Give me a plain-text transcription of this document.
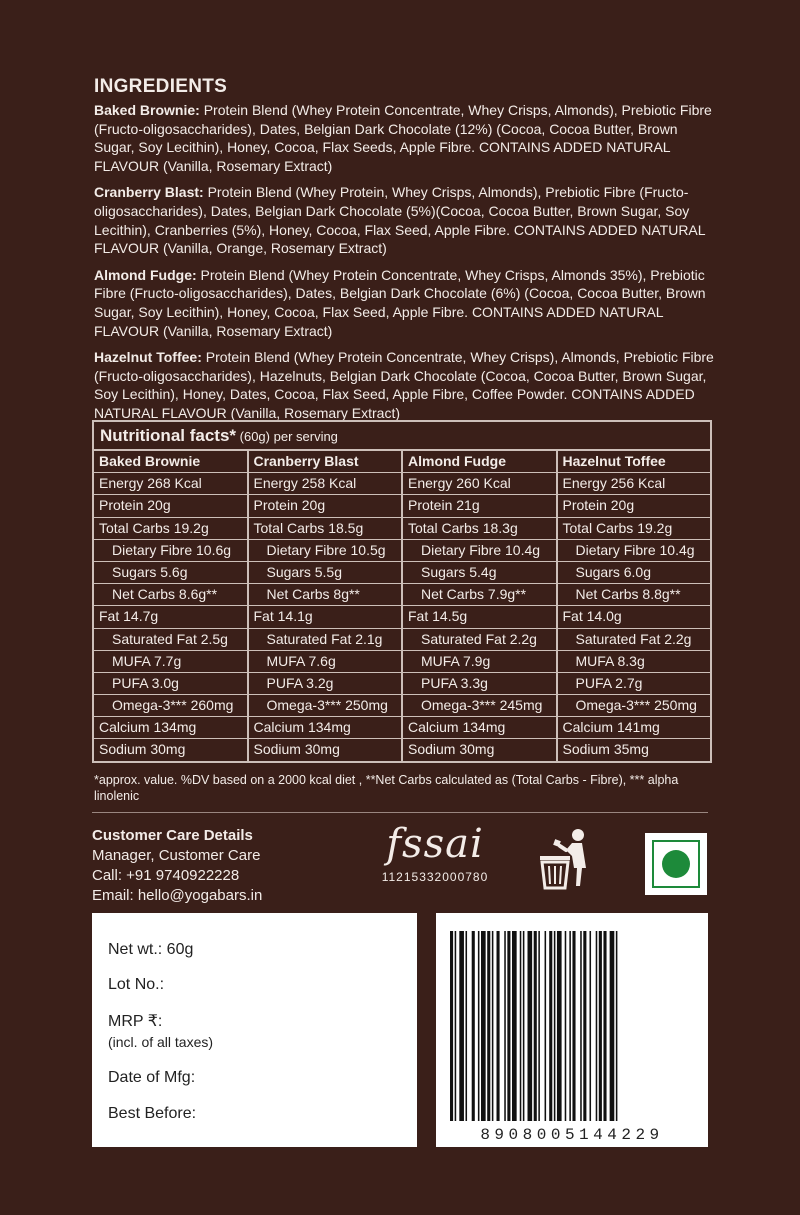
INGREDIENTS
Baked Brownie: Protein Blend (Whey Protein Concentrate, Whey Crisps, Almonds), Prebiotic Fibre (Fructo-oligosaccharides), Dates, Belgian Dark Chocolate (12%) (Cocoa, Cocoa Butter, Brown Sugar, Soy Lecithin), Honey, Cocoa, Flax Seeds, Apple Fibre. CONTAINS ADDED NATURAL FLAVOUR (Vanilla, Rosemary Extract)
Cranberry Blast: Protein Blend (Whey Protein, Whey Crisps, Almonds), Prebiotic Fibre (Fructo-oligosaccharides), Dates, Belgian Dark Chocolate (5%)(Cocoa, Cocoa Butter, Brown Sugar, Soy Lecithin), Cranberries (5%), Honey, Cocoa, Flax Seed, Apple Fibre. CONTAINS ADDED NATURAL FLAVOUR (Vanilla, Orange, Rosemary Extract)
Almond Fudge: Protein Blend (Whey Protein Concentrate, Whey Crisps, Almonds 35%), Prebiotic Fibre (Fructo-oligosaccharides), Dates, Belgian Dark Chocolate (6%) (Cocoa, Cocoa Butter, Brown Sugar, Soy Lecithin), Honey, Cocoa, Flax Seed, Apple Fibre. CONTAINS ADDED NATURAL FLAVOUR (Vanilla, Rosemary Extract)
Hazelnut Toffee: Protein Blend (Whey Protein Concentrate, Whey Crisps), Almonds, Prebiotic Fibre (Fructo-oligosaccharides), Hazelnuts, Belgian Dark Chocolate (Cocoa, Cocoa Butter, Brown Sugar, Soy Lecithin), Honey, Dates, Cocoa, Flax Seed, Apple Fibre, Coffee Powder. CONTAINS ADDED NATURAL FLAVOUR (Vanilla, Rosemary Extract)
Nutritional facts* (60g) per serving
Baked Brownie
Energy 268 Kcal
Protein 20g
Total Carbs 19.2g
Dietary Fibre 10.6g
Sugars 5.6g
Net Carbs 8.6g**
Fat 14.7g
Saturated Fat 2.5g
MUFA 7.7g
PUFA 3.0g
Omega-3*** 260mg
Calcium 134mg
Sodium 30mg
Cranberry Blast
Energy 258 Kcal
Protein 20g
Total Carbs 18.5g
Dietary Fibre 10.5g
Sugars 5.5g
Net Carbs 8g**
Fat 14.1g
Saturated Fat 2.1g
MUFA 7.6g
PUFA 3.2g
Omega-3*** 250mg
Calcium 134mg
Sodium 30mg
Almond Fudge
Energy 260 Kcal
Protein 21g
Total Carbs 18.3g
Dietary Fibre 10.4g
Sugars 5.4g
Net Carbs 7.9g**
Fat 14.5g
Saturated Fat 2.2g
MUFA 7.9g
PUFA 3.3g
Omega-3*** 245mg
Calcium 134mg
Sodium 30mg
Hazelnut Toffee
Energy 256 Kcal
Protein 20g
Total Carbs 19.2g
Dietary Fibre 10.4g
Sugars 6.0g
Net Carbs 8.8g**
Fat 14.0g
Saturated Fat 2.2g
MUFA 8.3g
PUFA 2.7g
Omega-3*** 250mg
Calcium 141mg
Sodium 35mg
*approx. value. %DV based on a 2000 kcal diet , **Net Carbs calculated as (Total Carbs - Fibre), *** alpha linolenic
Customer Care Details
Manager, Customer Care
Call: +91 9740922228
Email: hello@yogabars.in
fssai
11215332000780
Net wt.: 60g
Lot No.:
MRP ₹:
(incl. of all taxes)
Date of Mfg:
Best Before:
8908005144229
